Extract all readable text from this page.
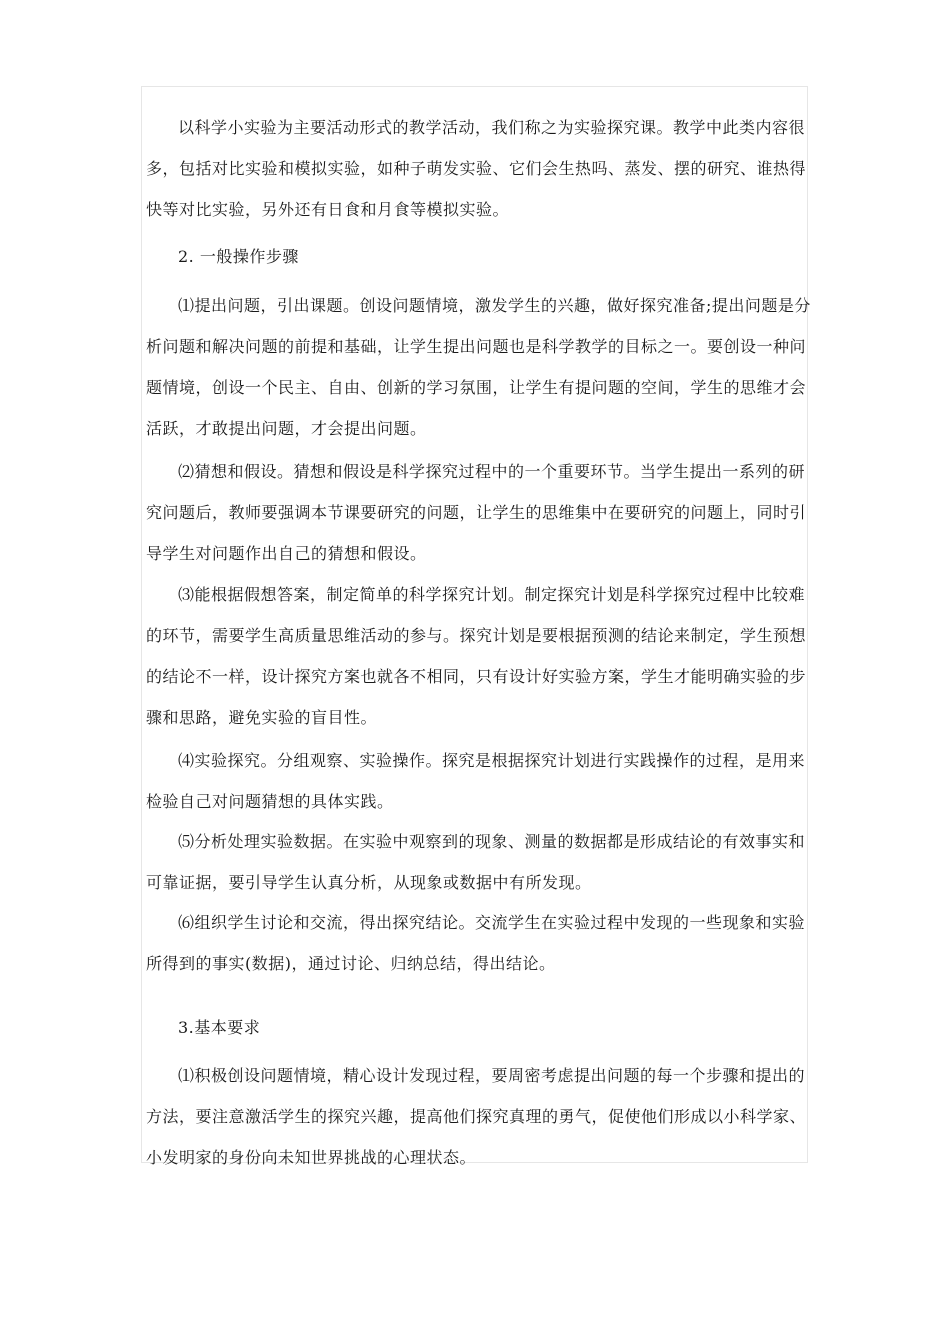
以科学小实验为主要活动形式的教学活动，我们称之为实验探究课。教学中此类内容很多，包括对比实验和模拟实验，如种子萌发实验、它们会生热吗、蒸发、摆的研究、谁热得快等对比实验，另外还有日食和月食等模拟实验。

2. 一般操作步骤

⑴提出问题，引出课题。创设问题情境，激发学生的兴趣，做好探究准备;提出问题是分析问题和解决问题的前提和基础，让学生提出问题也是科学教学的目标之一。要创设一种问题情境，创设一个民主、自由、创新的学习氛围，让学生有提问题的空间，学生的思维才会活跃，才敢提出问题，才会提出问题。

⑵猜想和假设。猜想和假设是科学探究过程中的一个重要环节。当学生提出一系列的研究问题后，教师要强调本节课要研究的问题，让学生的思维集中在要研究的问题上，同时引导学生对问题作出自己的猜想和假设。

⑶能根据假想答案，制定简单的科学探究计划。制定探究计划是科学探究过程中比较难的环节，需要学生高质量思维活动的参与。探究计划是要根据预测的结论来制定，学生预想的结论不一样，设计探究方案也就各不相同，只有设计好实验方案，学生才能明确实验的步骤和思路，避免实验的盲目性。

⑷实验探究。分组观察、实验操作。探究是根据探究计划进行实践操作的过程，是用来检验自己对问题猜想的具体实践。

⑸分析处理实验数据。在实验中观察到的现象、测量的数据都是形成结论的有效事实和可靠证据，要引导学生认真分析，从现象或数据中有所发现。

⑹组织学生讨论和交流，得出探究结论。交流学生在实验过程中发现的一些现象和实验所得到的事实(数据)，通过讨论、归纳总结，得出结论。

3.基本要求

⑴积极创设问题情境，精心设计发现过程，要周密考虑提出问题的每一个步骤和提出的方法，要注意激活学生的探究兴趣，提高他们探究真理的勇气，促使他们形成以小科学家、小发明家的身份向未知世界挑战的心理状态。
